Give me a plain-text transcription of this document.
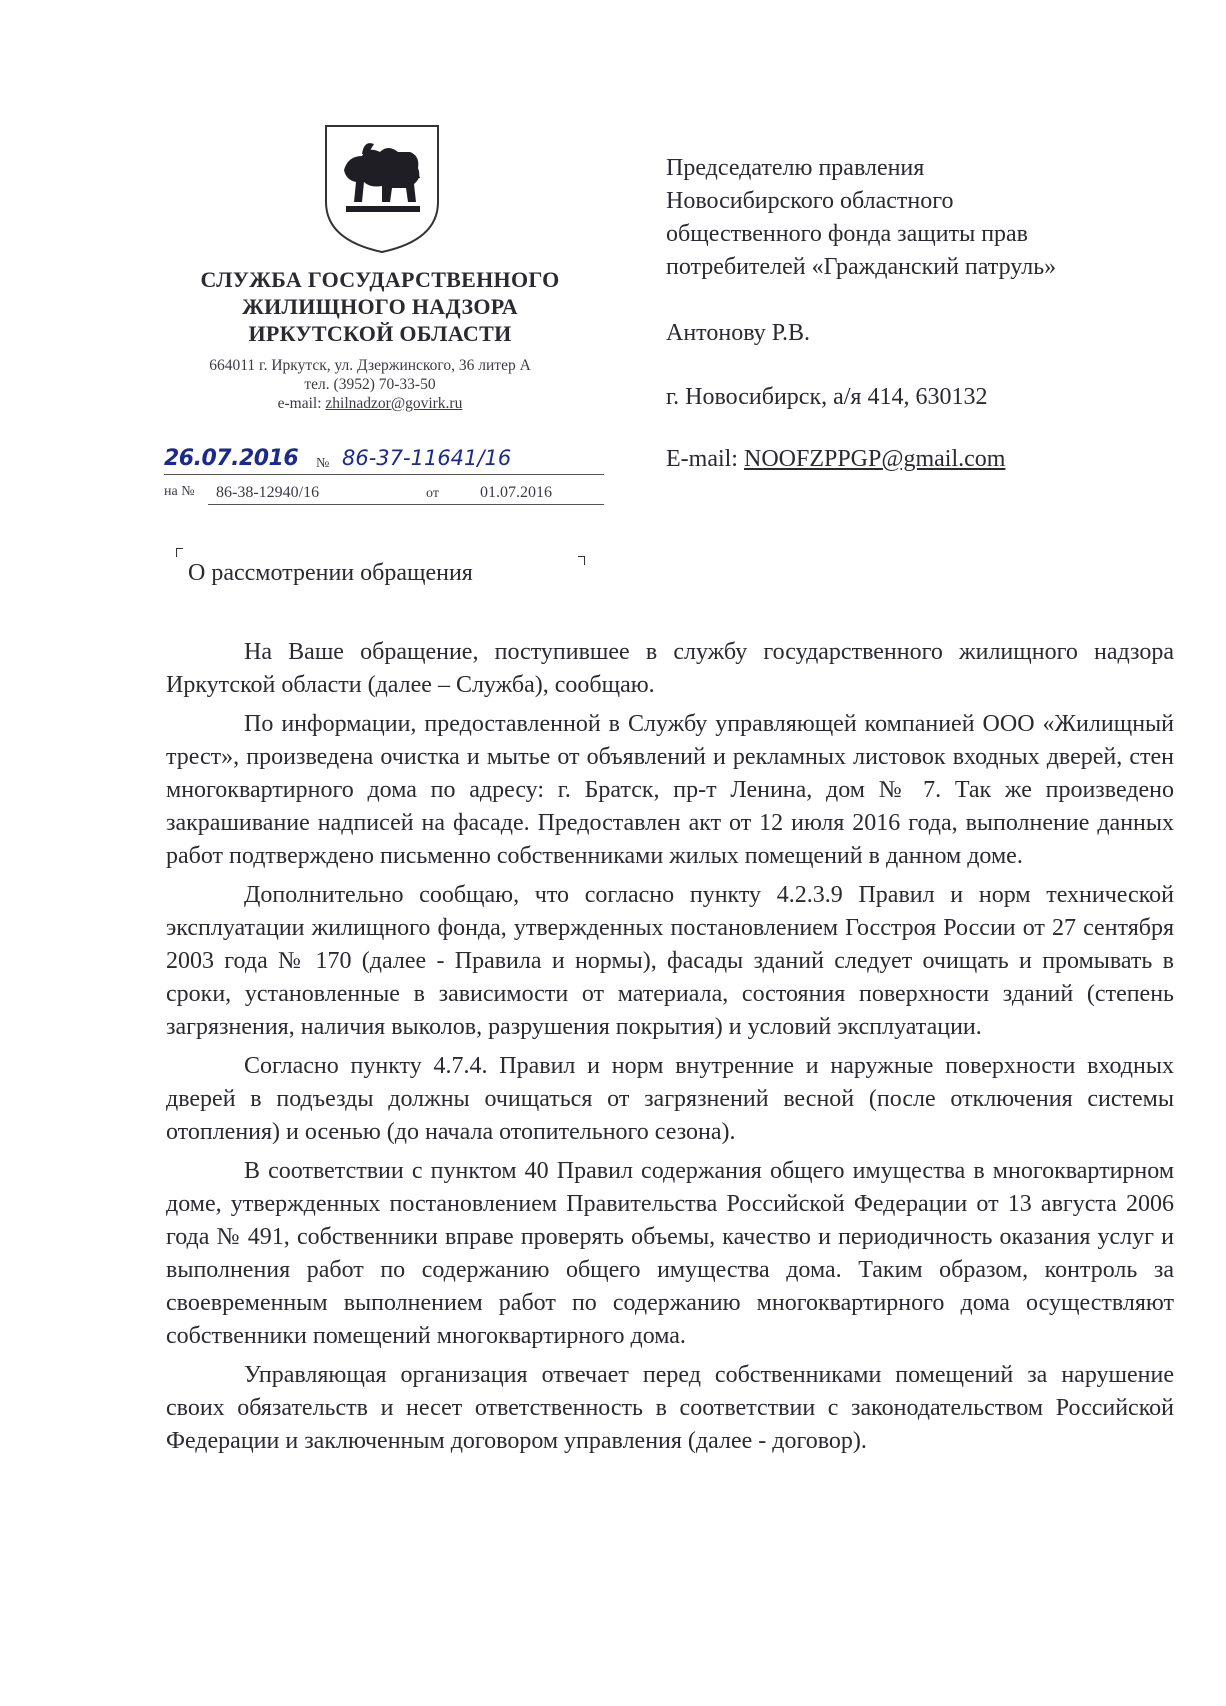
СЛУЖБА ГОСУДАРСТВЕННОГО
ЖИЛИЩНОГО НАДЗОРА
ИРКУТСКОЙ ОБЛАСТИ
664011 г. Иркутск, ул. Дзержинского, 36 литер А
тел. (3952) 70-33-50
e-mail: zhilnadzor@govirk.ru
26.07.2016	№ 86-37-11641/16
на № 86-38-12940/16	от	01.07.2016
Председателю правления
Новосибирского областного
общественного фонда защиты прав
потребителей «Гражданский патруль»
Антонову Р.В.
г. Новосибирск, а/я 414, 630132
E-mail: NOOFZPPGP@gmail.com
О рассмотрении обращения

На Ваше обращение, поступившее в службу государственного жилищного надзора Иркутской области (далее – Служба), сообщаю.

По информации, предоставленной в Службу управляющей компанией ООО «Жилищный трест», произведена очистка и мытье от объявлений и рекламных листовок входных дверей, стен многоквартирного дома по адресу: г. Братск, пр-т Ленина, дом № 7. Так же произведено закрашивание надписей на фасаде. Предоставлен акт от 12 июля 2016 года, выполнение данных работ подтверждено письменно собственниками жилых помещений в данном доме.

Дополнительно сообщаю, что согласно пункту 4.2.3.9 Правил и норм технической эксплуатации жилищного фонда, утвержденных постановлением Госстроя России от 27 сентября 2003 года № 170 (далее - Правила и нормы), фасады зданий следует очищать и промывать в сроки, установленные в зависимости от материала, состояния поверхности зданий (степень загрязнения, наличия выколов, разрушения покрытия) и условий эксплуатации.

Согласно пункту 4.7.4. Правил и норм внутренние и наружные поверхности входных дверей в подъезды должны очищаться от загрязнений весной (после отключения системы отопления) и осенью (до начала отопительного сезона).

В соответствии с пунктом 40 Правил содержания общего имущества в многоквартирном доме, утвержденных постановлением Правительства Российской Федерации от 13 августа 2006 года № 491, собственники вправе проверять объемы, качество и периодичность оказания услуг и выполнения работ по содержанию общего имущества дома. Таким образом, контроль за своевременным выполнением работ по содержанию многоквартирного дома осуществляют собственники помещений многоквартирного дома.

Управляющая организация отвечает перед собственниками помещений за нарушение своих обязательств и несет ответственность в соответствии с законодательством Российской Федерации и заключенным договором управления (далее - договор).
